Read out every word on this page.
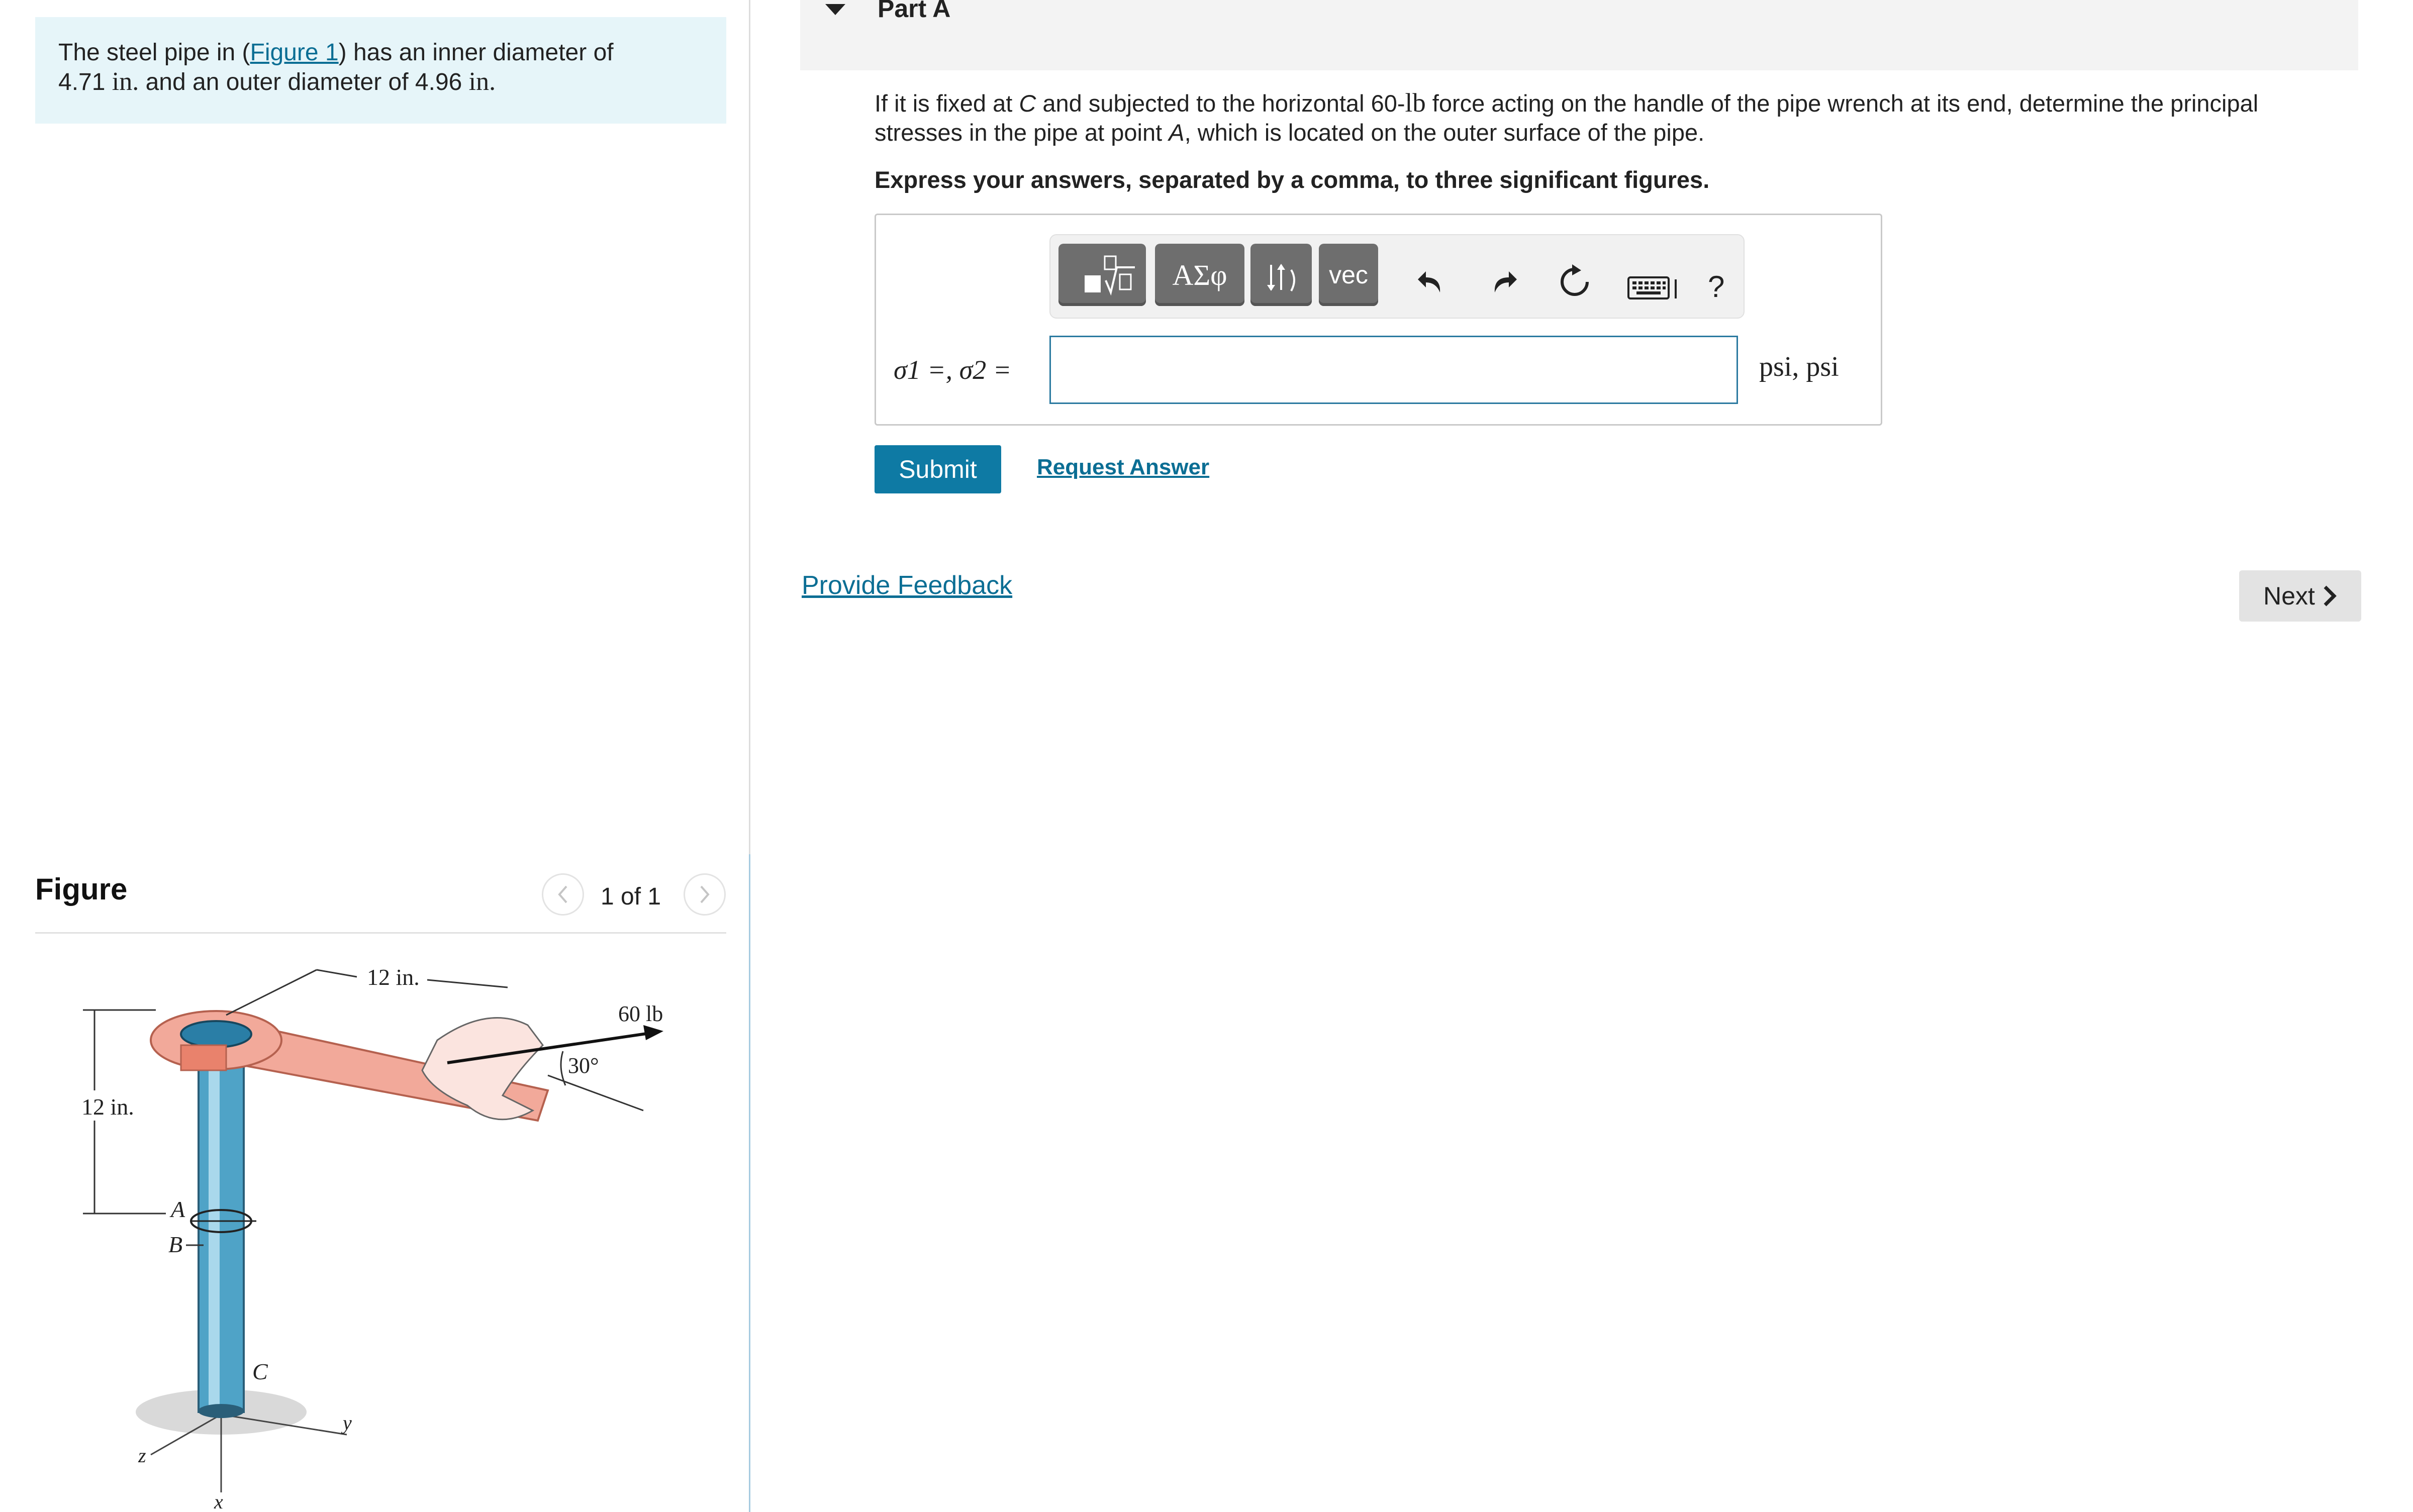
The steel pipe in (Figure 1) has an inner diameter of
4.71 in. and an outer diameter of 4.96 in.
Figure	1 of 1
12 in.
60 lb
30°
12 in.
A
B
C
y
z
x
Part A
If it is fixed at C and subjected to the horizontal 60-lb force acting on the handle of the pipe wrench at its end, determine the principal stresses in the pipe at point A, which is located on the outer surface of the pipe.
Express your answers, separated by a comma, to three significant figures.
ΑΣφ	vec	?
σ1 =, σ2 =	psi, psi
Submit	Request Answer
Provide Feedback	Next
